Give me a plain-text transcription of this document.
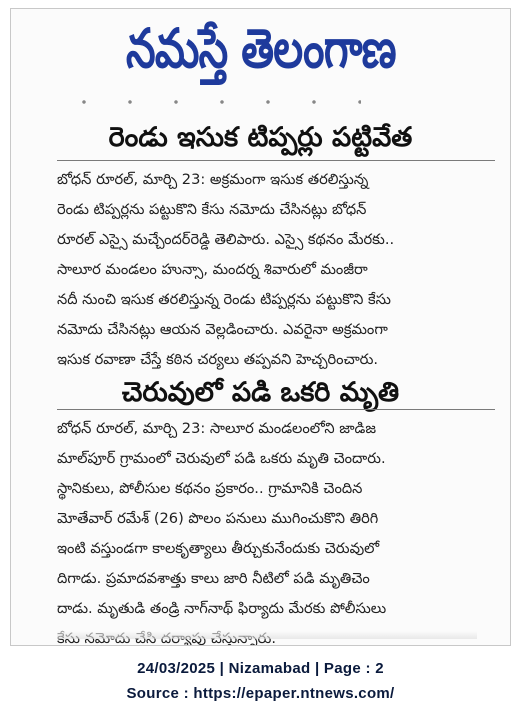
నమస్తే తెలంగాణ
రెండు ఇసుక టిప్పర్లు పట్టివేత
బోధన్ రూరల్, మార్చి 23: అక్రమంగా ఇసుక తరలిస్తున్న
రెండు టిప్పర్లను పట్టుకొని కేసు నమోదు చేసినట్లు బోధన్
రూరల్ ఎస్సై మచ్చేందర్‌రెడ్డి తెలిపారు. ఎస్సై కథనం మేరకు..
సాలూర మండలం హున్సా, మందర్న శివారులో మంజీరా
నదీ నుంచి ఇసుక తరలిస్తున్న రెండు టిప్పర్లను పట్టుకొని కేసు
నమోదు చేసినట్లు ఆయన వెల్లడించారు. ఎవరైనా అక్రమంగా
ఇసుక రవాణా చేస్తే కఠిన చర్యలు తప్పవని హెచ్చరించారు.
చెరువులో పడి ఒకరి మృతి
బోధన్ రూరల్, మార్చి 23: సాలూర మండలంలోని జాడిజ
మాల్‌పూర్ గ్రామంలో చెరువులో పడి ఒకరు మృతి చెందారు.
స్థానికులు, పోలీసుల కథనం ప్రకారం.. గ్రామానికి చెందిన
మోతేవార్ రమేశ్ (26) పొలం పనులు ముగించుకొని తిరిగి
ఇంటి వస్తుండగా కాలకృత్యాలు తీర్చుకునేందుకు చెరువులో
దిగాడు. ప్రమాదవశాత్తు కాలు జారి నీటిలో పడి మృతిచెం
దాడు. మృతుడి తండ్రి నాగ్‌నాథ్ ఫిర్యాదు మేరకు పోలీసులు
24/03/2025 | Nizamabad | Page : 2
Source : https://epaper.ntnews.com/
